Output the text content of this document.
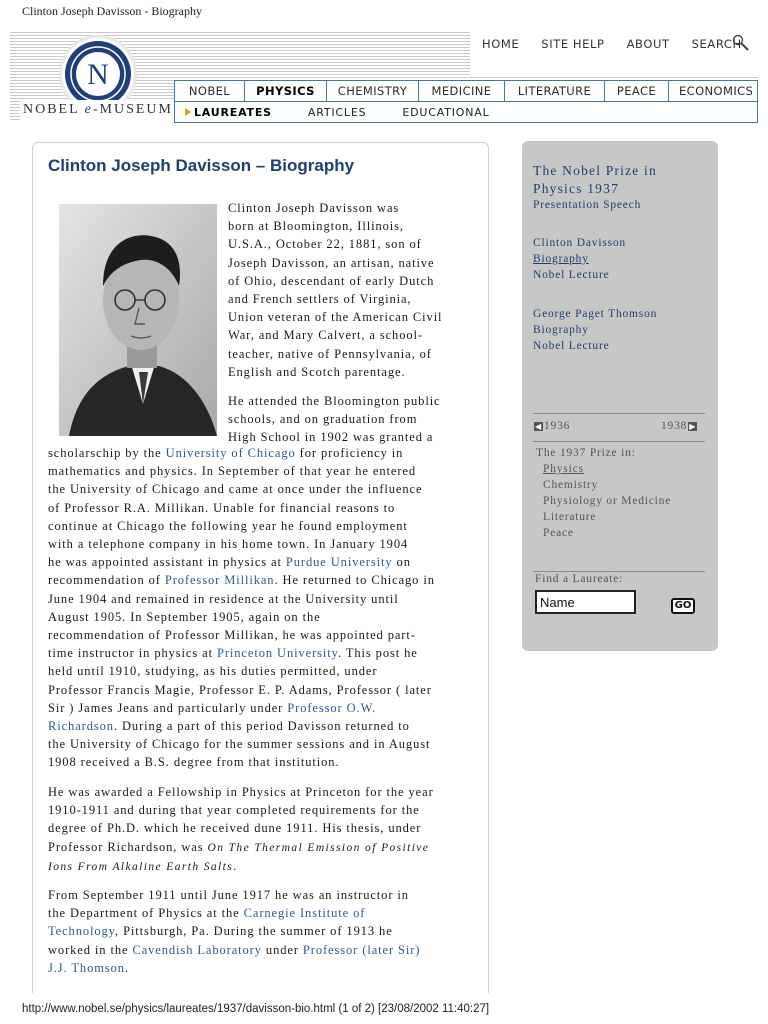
Clinton Joseph Davisson - Biography
N
NOBEL e-MUSEUM
HOME SITE HELP ABOUT SEARCH
NOBEL	PHYSICS	CHEMISTRY	MEDICINE	LITERATURE	PEACE	ECONOMICS
LAUREATES	ARTICLES	EDUCATIONAL
Clinton Joseph Davisson – Biography
Clinton Joseph Davisson was
born at Bloomington, Illinois,
U.S.A., October 22, 1881, son of
Joseph Davisson, an artisan, native
of Ohio, descendant of early Dutch
and French settlers of Virginia,
Union veteran of the American Civil
War, and Mary Calvert, a school-
teacher, native of Pennsylvania, of
English and Scotch parentage.
He attended the Bloomington public
schools, and on graduation from
High School in 1902 was granted a
scholarschip by the University of Chicago for proficiency in
mathematics and physics. In September of that year he entered
the University of Chicago and came at once under the influence
of Professor R.A. Millikan. Unable for financial reasons to
continue at Chicago the following year he found employment
with a telephone company in his home town. In January 1904
he was appointed assistant in physics at Purdue University on
recommendation of Professor Millikan. He returned to Chicago in
June 1904 and remained in residence at the University until
August 1905. In September 1905, again on the
recommendation of Professor Millikan, he was appointed part-
time instructor in physics at Princeton University. This post he
held until 1910, studying, as his duties permitted, under
Professor Francis Magie, Professor E. P. Adams, Professor ( later
Sir ) James Jeans and particularly under Professor O.W.
Richardson. During a part of this period Davisson returned to
the University of Chicago for the summer sessions and in August
1908 received a B.S. degree from that institution.
He was awarded a Fellowship in Physics at Princeton for the year
1910-1911 and during that year completed requirements for the
degree of Ph.D. which he received dune 1911. His thesis, under
Professor Richardson, was On The Thermal Emission of Positive
Ions From Alkaline Earth Salts.
From September 1911 until June 1917 he was an instructor in
the Department of Physics at the Carnegie Institute of
Technology, Pittsburgh, Pa. During the summer of 1913 he
worked in the Cavendish Laboratory under Professor (later Sir)
J.J. Thomson.
The Nobel Prize in
Physics 1937
Presentation Speech
Clinton Davisson
Biography
Nobel Lecture
George Paget Thomson
Biography
Nobel Lecture
◀ 1936	1938 ▶
The 1937 Prize in:
Physics
Chemistry
Physiology or Medicine
Literature
Peace
Find a Laureate:
Name	GO
http://www.nobel.se/physics/laureates/1937/davisson-bio.html (1 of 2) [23/08/2002 11:40:27]
